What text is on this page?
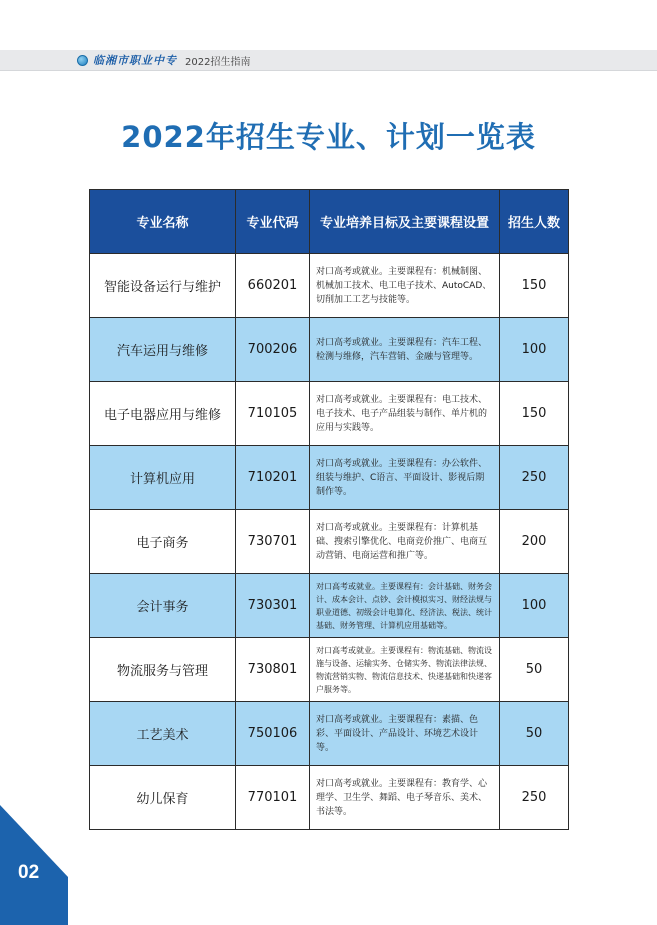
临湘市职业中专 2022招生指南
2022年招生专业、计划一览表
专业名称	专业代码	专业培养目标及主要课程设置	招生人数
智能设备运行与维护	660201	对口高考或就业。主要课程有：机械制图、机械加工技术、电工电子技术、AutoCAD、切削加工工艺与技能等。	150
汽车运用与维修	700206	对口高考或就业。主要课程有：汽车工程、检测与维修，汽车营销、金融与管理等。	100
电子电器应用与维修	710105	对口高考或就业。主要课程有：电工技术、电子技术、电子产品组装与制作、单片机的应用与实践等。	150
计算机应用	710201	对口高考或就业。主要课程有：办公软件、组装与维护、C语言、平面设计、影视后期制作等。	250
电子商务	730701	对口高考或就业。主要课程有：计算机基础、搜索引擎优化、电商竞价推广、电商互动营销、电商运营和推广等。	200
会计事务	730301	对口高考或就业。主要课程有：会计基础、财务会计、成本会计、点钞、会计模拟实习、财经法规与职业道德、初级会计电算化、经济法、税法、统计基础、财务管理、计算机应用基础等。	100
物流服务与管理	730801	对口高考或就业。主要课程有：物流基础、物流设施与设备、运输实务、仓储实务、物流法律法规、物流营销实物、物流信息技术、快递基础和快递客户服务等。	50
工艺美术	750106	对口高考或就业。主要课程有：素描、色彩、平面设计、产品设计、环境艺术设计等。	50
幼儿保育	770101	对口高考或就业。主要课程有：教育学、心理学、卫生学、舞蹈、电子琴音乐、美术、书法等。	250
02
